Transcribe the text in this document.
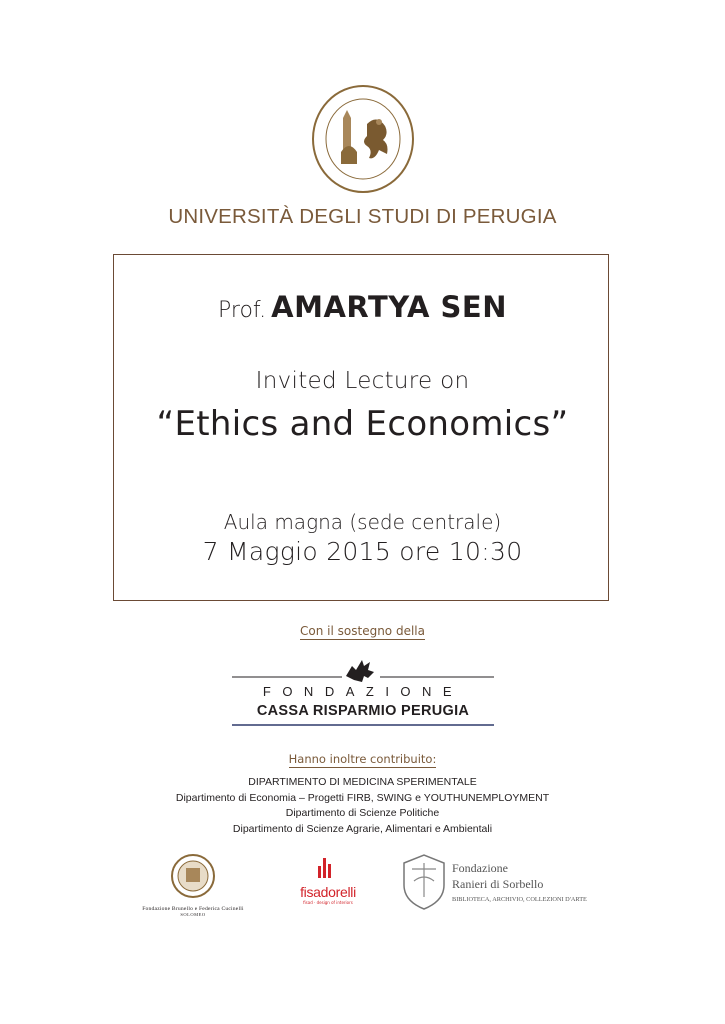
UNIVERSITÀ DEGLI STUDI DI PERUGIA
Prof. AMARTYA SEN
Invited Lecture on
“Ethics and Economics”
Aula magna (sede centrale)
7 Maggio 2015 ore 10:30
Con il sostegno della
FONDAZIONE
CASSA RISPARMIO PERUGIA
Hanno inoltre contribuito:
DIPARTIMENTO DI MEDICINA SPERIMENTALE
Dipartimento di Economia – Progetti FIRB, SWING e YOUTHUNEMPLOYMENT
Dipartimento di Scienze Politiche
Dipartimento di Scienze Agrarie, Alimentari e Ambientali
Fondazione Brunello e Federica Cucinelli
SOLOMEO
fisadorelli
fisad · design of interiors
Fondazione
Ranieri di Sorbello
BIBLIOTECA, ARCHIVIO, COLLEZIONI D'ARTE
